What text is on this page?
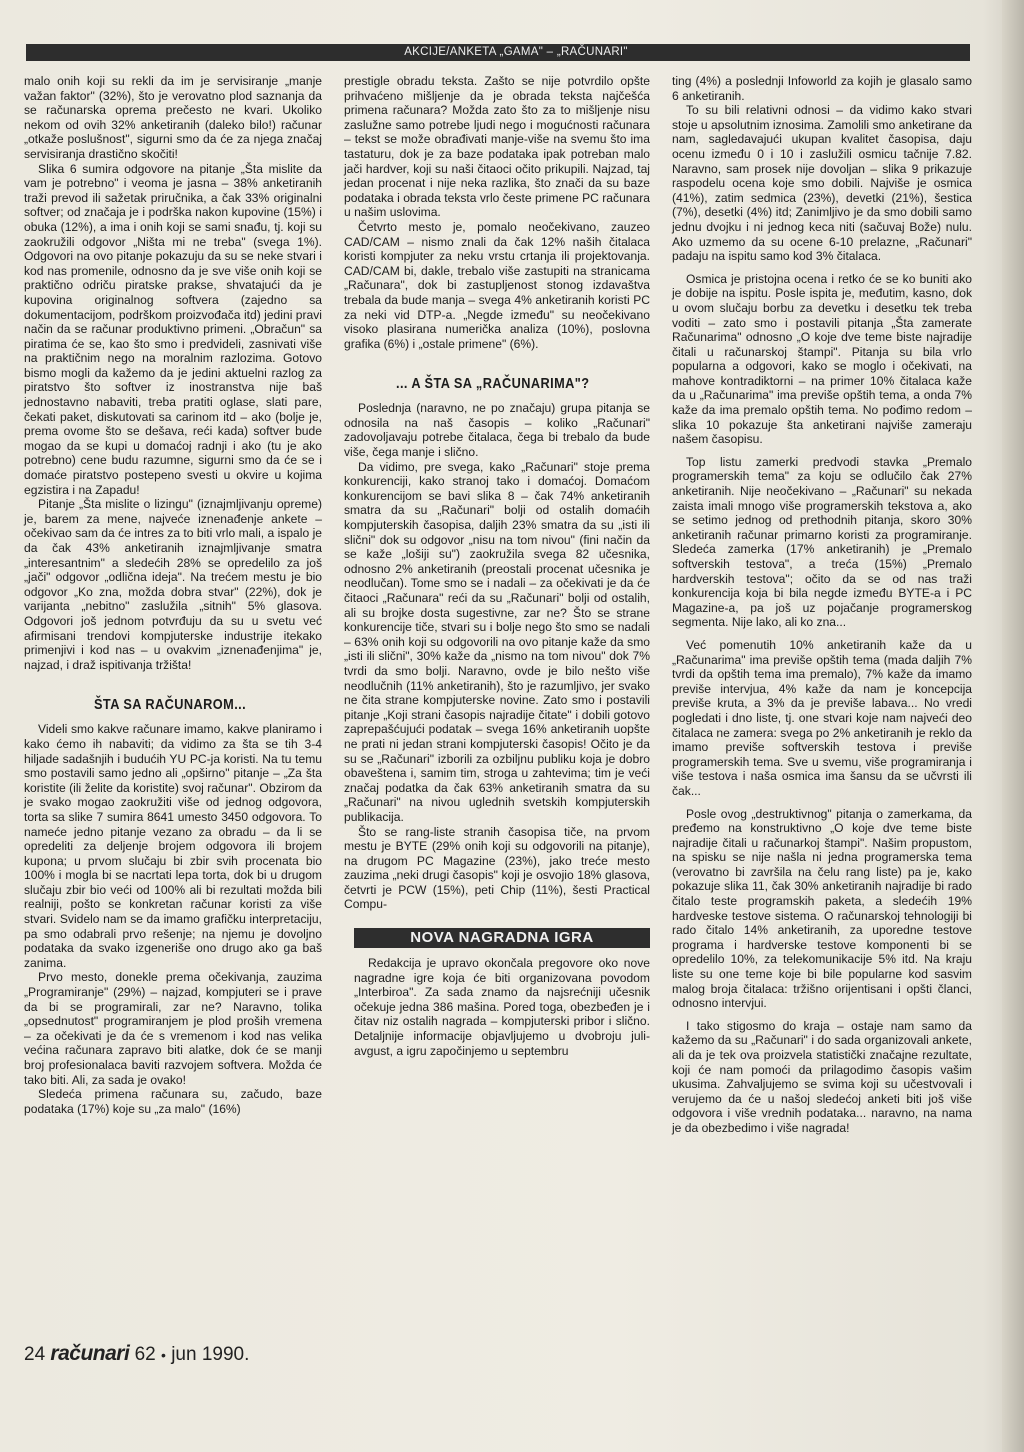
AKCIJE/ANKETA „GAMA" – „RAČUNARI"

malo onih koji su rekli da im je servisiranje „manje važan faktor" (32%), što je verovatno plod saznanja da se računarska oprema prečesto ne kvari. Ukoliko nekom od ovih 32% anketiranih (daleko bilo!) računar „otkaže poslušnost", sigurni smo da će za njega značaj servisiranja drastično skočiti!

Slika 6 sumira odgovore na pitanje „Šta mislite da vam je potrebno" i veoma je jasna – 38% anketiranih traži prevod ili sažetak priručnika, a čak 33% originalni softver; od značaja je i podrška nakon kupovine (15%) i obuka (12%), a ima i onih koji se sami snađu, tj. koji su zaokružili odgovor „Ništa mi ne treba" (svega 1%). Odgovori na ovo pitanje pokazuju da su se neke stvari i kod nas promenile, odnosno da je sve više onih koji se praktično odriču piratske prakse, shvatajući da je kupovina originalnog softvera (zajedno sa dokumentacijom, podrškom proizvođača itd) jedini pravi način da se računar produktivno primeni. „Obračun" sa piratima će se, kao što smo i predvideli, zasnivati više na praktičnim nego na moralnim razlozima. Gotovo bismo mogli da kažemo da je jedini aktuelni razlog za piratstvo što softver iz inostranstva nije baš jednostavno nabaviti, treba pratiti oglase, slati pare, čekati paket, diskutovati sa carinom itd – ako (bolje je, prema ovome što se dešava, reći kada) softver bude mogao da se kupi u domaćoj radnji i ako (tu je ako potrebno) cene budu razumne, sigurni smo da će se i domaće piratstvo postepeno svesti u okvire u kojima egzistira i na Zapadu!

Pitanje „Šta mislite o lizingu" (iznajmljivanju opreme) je, barem za mene, najveće iznenađenje ankete – očekivao sam da će intres za to biti vrlo mali, a ispalo je da čak 43% anketiranih iznajmljivanje smatra „interesantnim" a sledećih 28% se opredelilo za još „jači" odgovor „odlična ideja". Na trećem mestu je bio odgovor „Ko zna, možda dobra stvar" (22%), dok je varijanta „nebitno" zaslužila „sitnih" 5% glasova. Odgovori još jednom potvrđuju da su u svetu već afirmisani trendovi kompjuterske industrije itekako primenjivi i kod nas – u ovakvim „iznenađenjima" je, najzad, i draž ispitivanja tržišta!

ŠTA SA RAČUNAROM...

Videli smo kakve računare imamo, kakve planiramo i kako ćemo ih nabaviti; da vidimo za šta se tih 3-4 hiljade sadašnjih i budućih YU PC-ja koristi. Na tu temu smo postavili samo jedno ali „opširno" pitanje – „Za šta koristite (ili želite da koristite) svoj računar". Obzirom da je svako mogao zaokružiti više od jednog odgovora, torta sa slike 7 sumira 8641 umesto 3450 odgovora. To nameće jedno pitanje vezano za obradu – da li se opredeliti za deljenje brojem odgovora ili brojem kupona; u prvom slučaju bi zbir svih procenata bio 100% i mogla bi se nacrtati lepa torta, dok bi u drugom slučaju zbir bio veći od 100% ali bi rezultati možda bili realniji, pošto se konkretan računar koristi za više stvari. Svidelo nam se da imamo grafičku interpretaciju, pa smo odabrali prvo rešenje; na njemu je dovoljno podataka da svako izgeneriše ono drugo ako ga baš zanima.

Prvo mesto, donekle prema očekivanja, zauzima „Programiranje" (29%) – najzad, kompjuteri se i prave da bi se programirali, zar ne? Naravno, tolika „opsednutost" programiranjem je plod proših vremena – za očekivati je da će s vremenom i kod nas velika većina računara zapravo biti alatke, dok će se manji broj profesionalaca baviti razvojem softvera. Možda će tako biti. Ali, za sada je ovako!

Sledeća primena računara su, začudo, baze podataka (17%) koje su „za malo" (16%)

prestigle obradu teksta. Zašto se nije potvrdilo opšte prihvaćeno mišljenje da je obrada teksta najčešća primena računara? Možda zato što za to mišljenje nisu zaslužne samo potrebe ljudi nego i mogućnosti računara – tekst se može obrađivati manje-više na svemu što ima tastaturu, dok je za baze podataka ipak potreban malo jači hardver, koji su naši čitaoci očito prikupili. Najzad, taj jedan procenat i nije neka razlika, što znači da su baze podataka i obrada teksta vrlo česte primene PC računara u našim uslovima.

Četvrto mesto je, pomalo neočekivano, zauzeo CAD/CAM – nismo znali da čak 12% naših čitalaca koristi kompjuter za neku vrstu crtanja ili projektovanja. CAD/CAM bi, dakle, trebalo više zastupiti na stranicama „Računara", dok bi zastupljenost stonog izdavaštva trebala da bude manja – svega 4% anketiranih koristi PC za neki vid DTP-a. „Negde između" su neočekivano visoko plasirana numerička analiza (10%), poslovna grafika (6%) i „ostale primene" (6%).

... A ŠTA SA „RAČUNARIMA"?

Poslednja (naravno, ne po značaju) grupa pitanja se odnosila na naš časopis – koliko „Računari" zadovoljavaju potrebe čitalaca, čega bi trebalo da bude više, čega manje i slično.

Da vidimo, pre svega, kako „Računari" stoje prema konkurenciji, kako stranoj tako i domaćoj. Domaćom konkurencijom se bavi slika 8 – čak 74% anketiranih smatra da su „Računari" bolji od ostalih domaćih kompjuterskih časopisa, daljih 23% smatra da su „isti ili slični" dok su odgovor „nisu na tom nivou" (fini način da se kaže „lošiji su") zaokružila svega 82 učesnika, odnosno 2% anketiranih (preostali procenat učesnika je neodlučan). Tome smo se i nadali – za očekivati je da će čitaoci „Računara" reći da su „Računari" bolji od ostalih, ali su brojke dosta sugestivne, zar ne? Što se strane konkurencije tiče, stvari su i bolje nego što smo se nadali – 63% onih koji su odgovorili na ovo pitanje kaže da smo „isti ili slični", 30% kaže da „nismo na tom nivou" dok 7% tvrdi da smo bolji. Naravno, ovde je bilo nešto više neodlučnih (11% anketiranih), što je razumljivo, jer svako ne čita strane kompjuterske novine. Zato smo i postavili pitanje „Koji strani časopis najradije čitate" i dobili gotovo zaprepašćujući podatak – svega 16% anketiranih uopšte ne prati ni jedan strani kompjuterski časopis! Očito je da su se „Računari" izborili za ozbiljnu publiku koja je dobro obaveštena i, samim tim, stroga u zahtevima; tim je veći značaj podatka da čak 63% anketiranih smatra da su „Računari" na nivou uglednih svetskih kompjuterskih publikacija.

Što se rang-liste stranih časopisa tiče, na prvom mestu je BYTE (29% onih koji su odgovorili na pitanje), na drugom PC Magazine (23%), jako treće mesto zauzima „neki drugi časopis" koji je osvojio 18% glasova, četvrti je PCW (15%), peti Chip (11%), šesti Practical Compu-

NOVA NAGRADNA IGRA

Redakcija je upravo okončala pregovore oko nove nagradne igre koja će biti organizovana povodom „Interbiroa". Za sada znamo da najsrećniji učesnik očekuje jedna 386 mašina. Pored toga, obezbeđen je i čitav niz ostalih nagrada – kompjuterski pribor i slično. Detaljnije informacije objavljujemo u dvobroju juli-avgust, a igru započinjemo u septembru

ting (4%) a poslednji Infoworld za kojih je glasalo samo 6 anketiranih.

To su bili relativni odnosi – da vidimo kako stvari stoje u apsolutnim iznosima. Zamolili smo anketirane da nam, sagledavajući ukupan kvalitet časopisa, daju ocenu između 0 i 10 i zaslužili osmicu tačnije 7.82. Naravno, sam prosek nije dovoljan – slika 9 prikazuje raspodelu ocena koje smo dobili. Najviše je osmica (41%), zatim sedmica (23%), devetki (21%), šestica (7%), desetki (4%) itd; Zanimljivo je da smo dobili samo jednu dvojku i ni jednog keca niti (sačuvaj Bože) nulu. Ako uzmemo da su ocene 6-10 prelazne, „Računari" padaju na ispitu samo kod 3% čitalaca.

Osmica je pristojna ocena i retko će se ko buniti ako je dobije na ispitu. Posle ispita je, međutim, kasno, dok u ovom slučaju borbu za devetku i desetku tek treba voditi – zato smo i postavili pitanja „Šta zamerate Računarima" odnosno „O koje dve teme biste najradije čitali u računarskoj štampi". Pitanja su bila vrlo popularna a odgovori, kako se moglo i očekivati, na mahove kontradiktorni – na primer 10% čitalaca kaže da u „Računarima" ima previše opštih tema, a onda 7% kaže da ima premalo opštih tema. No pođimo redom – slika 10 pokazuje šta anketirani najviše zameraju našem časopisu.

Top listu zamerki predvodi stavka „Premalo programerskih tema" za koju se odlučilo čak 27% anketiranih. Nije neočekivano – „Računari" su nekada zaista imali mnogo više programerskih tekstova a, ako se setimo jednog od prethodnih pitanja, skoro 30% anketiranih računar primarno koristi za programiranje. Sledeća zamerka (17% anketiranih) je „Premalo softverskih testova", a treća (15%) „Premalo hardverskih testova"; očito da se od nas traži konkurencija koja bi bila negde između BYTE-a i PC Magazine-a, pa još uz pojačanje programerskog segmenta. Nije lako, ali ko zna...

Već pomenutih 10% anketiranih kaže da u „Računarima" ima previše opštih tema (mada daljih 7% tvrdi da opštih tema ima premalo), 7% kaže da imamo previše intervjua, 4% kaže da nam je koncepcija previše kruta, a 3% da je previše labava... No vredi pogledati i dno liste, tj. one stvari koje nam najveći deo čitalaca ne zamera: svega po 2% anketiranih je reklo da imamo previše softverskih testova i previše programerskih tema. Sve u svemu, više programiranja i više testova i naša osmica ima šansu da se učvrsti ili čak...

Posle ovog „destruktivnog" pitanja o zamerkama, da pređemo na konstruktivno „O koje dve teme biste najradije čitali u računarkoj štampi". Našim propustom, na spisku se nije našla ni jedna programerska tema (verovatno bi završila na čelu rang liste) pa je, kako pokazuje slika 11, čak 30% anketiranih najradije bi rado čitalo teste programskih paketa, a sledećih 19% hardveske testove sistema. O računarskoj tehnologiji bi rado čitalo 14% anketiranih, za uporedne testove programa i hardverske testove komponenti bi se opredelilo 10%, za telekomunikacije 5% itd. Na kraju liste su one teme koje bi bile popularne kod sasvim malog broja čitalaca: tržišno orijentisani i opšti članci, odnosno intervjui.

I tako stigosmo do kraja – ostaje nam samo da kažemo da su „Računari" i do sada organizovali ankete, ali da je tek ova proizvela statistički značajne rezultate, koji će nam pomoći da prilagodimo časopis vašim ukusima. Zahvaljujemo se svima koji su učestvovali i verujemo da će u našoj sledećoj anketi biti još više odgovora i više vrednih podataka... naravno, na nama je da obezbedimo i više nagrada!

24 računari 62 • jun 1990.
